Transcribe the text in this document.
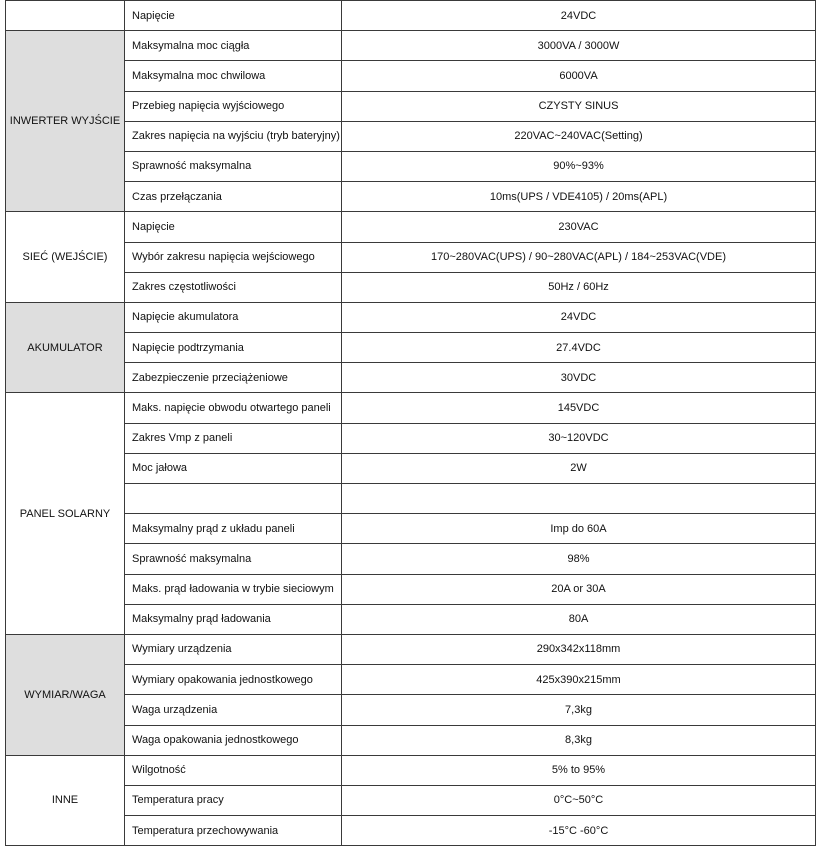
	Napięcie	24VDC
INWERTER WYJŚCIE	Maksymalna moc ciągła	3000VA / 3000W
	Maksymalna moc chwilowa	6000VA
	Przebieg napięcia wyjściowego	CZYSTY SINUS
	Zakres napięcia na wyjściu (tryb bateryjny)	220VAC~240VAC(Setting)
	Sprawność maksymalna	90%~93%
	Czas przełączania	10ms(UPS / VDE4105) / 20ms(APL)
SIEĆ (WEJŚCIE)	Napięcie	230VAC
	Wybór zakresu napięcia wejściowego	170~280VAC(UPS) / 90~280VAC(APL) / 184~253VAC(VDE)
	Zakres częstotliwości	50Hz / 60Hz
AKUMULATOR	Napięcie akumulatora	24VDC
	Napięcie podtrzymania	27.4VDC
	Zabezpieczenie przeciążeniowe	30VDC
PANEL SOLARNY	Maks. napięcie obwodu otwartego paneli	145VDC
	Zakres Vmp z paneli	30~120VDC
	Moc jałowa	2W

	Maksymalny prąd z układu paneli	Imp do 60A
	Sprawność maksymalna	98%
	Maks. prąd ładowania w trybie sieciowym	20A or 30A
	Maksymalny prąd ładowania	80A
WYMIAR/WAGA	Wymiary urządzenia	290x342x118mm
	Wymiary opakowania jednostkowego	425x390x215mm
	Waga urządzenia	7,3kg
	Waga opakowania jednostkowego	8,3kg
INNE	Wilgotność	5% to 95%
	Temperatura pracy	0°C~50°C
	Temperatura przechowywania	-15°C -60°C
